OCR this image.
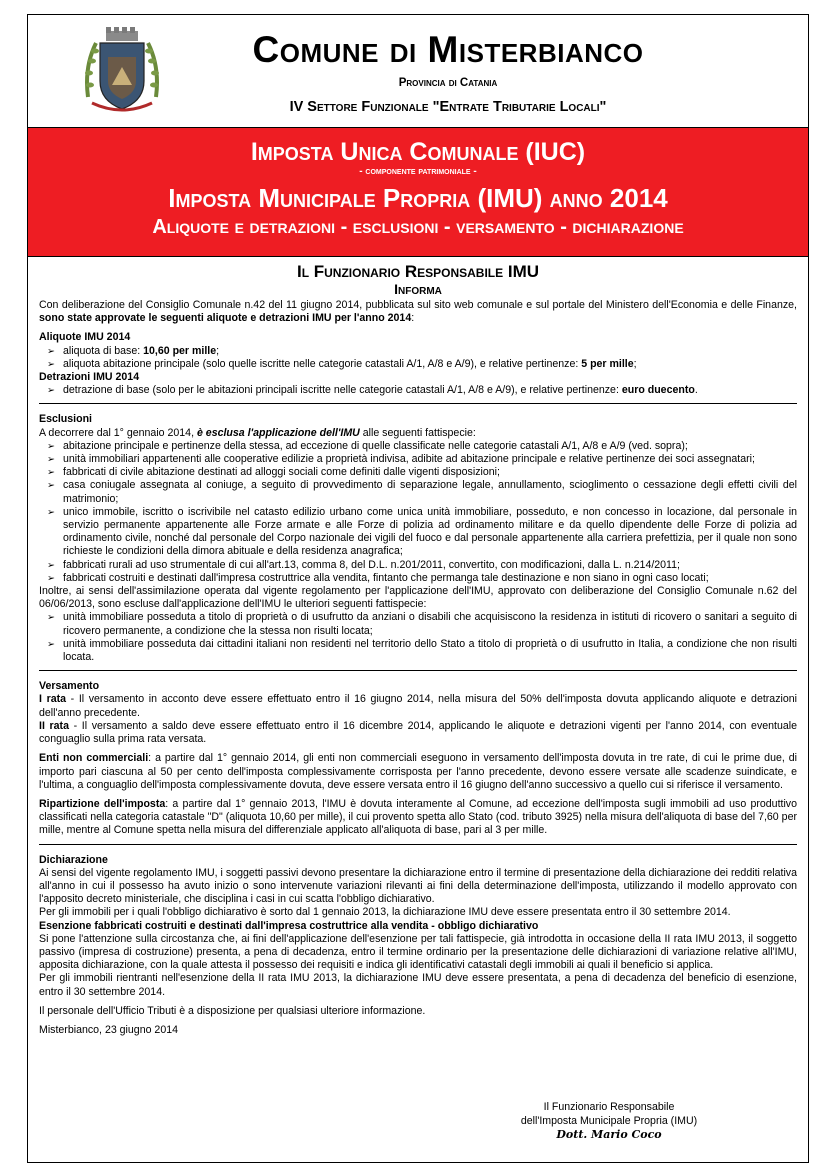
Comune di Misterbianco
Provincia di Catania
IV Settore Funzionale "Entrate Tributarie Locali"
Imposta Unica Comunale (IUC)
- componente patrimoniale -
Imposta Municipale Propria (IMU) anno 2014
Aliquote e detrazioni - esclusioni - versamento - dichiarazione
Il Funzionario Responsabile IMU
Informa

Con deliberazione del Consiglio Comunale n.42 del 11 giugno 2014, pubblicata sul sito web comunale e sul portale del Ministero dell'Economia e delle Finanze, sono state approvate le seguenti aliquote e detrazioni IMU per l'anno 2014:

Aliquote IMU 2014
➢ aliquota di base: 10,60 per mille;
➢ aliquota abitazione principale (solo quelle iscritte nelle categorie catastali A/1, A/8 e A/9), e relative pertinenze: 5 per mille;
Detrazioni IMU 2014
➢ detrazione di base (solo per le abitazioni principali iscritte nelle categorie catastali A/1, A/8 e A/9), e relative pertinenze: euro duecento.
Esclusioni

A decorrere dal 1° gennaio 2014, è esclusa l'applicazione dell'IMU alle seguenti fattispecie:

➢ abitazione principale e pertinenze della stessa, ad eccezione di quelle classificate nelle categorie catastali A/1, A/8 e A/9 (ved. sopra);
➢ unità immobiliari appartenenti alle cooperative edilizie a proprietà indivisa, adibite ad abitazione principale e relative pertinenze dei soci assegnatari;
➢ fabbricati di civile abitazione destinati ad alloggi sociali come definiti dalle vigenti disposizioni;
➢ casa coniugale assegnata al coniuge, a seguito di provvedimento di separazione legale, annullamento, scioglimento o cessazione degli effetti civili del matrimonio;
➢ unico immobile, iscritto o iscrivibile nel catasto edilizio urbano come unica unità immobiliare, posseduto, e non concesso in locazione, dal personale in servizio permanente appartenente alle Forze armate e alle Forze di polizia ad ordinamento militare e da quello dipendente delle Forze di polizia ad ordinamento civile, nonché dal personale del Corpo nazionale dei vigili del fuoco e dal personale appartenente alla carriera prefettizia, per il quale non sono richieste le condizioni della dimora abituale e della residenza anagrafica;
➢ fabbricati rurali ad uso strumentale di cui all'art.13, comma 8, del D.L. n.201/2011, convertito, con modificazioni, dalla L. n.214/2011;
➢ fabbricati costruiti e destinati dall'impresa costruttrice alla vendita, fintanto che permanga tale destinazione e non siano in ogni caso locati;

Inoltre, ai sensi dell'assimilazione operata dal vigente regolamento per l'applicazione dell'IMU, approvato con deliberazione del Consiglio Comunale n.62 del 06/06/2013, sono escluse dall'applicazione dell'IMU le ulteriori seguenti fattispecie:

➢ unità immobiliare posseduta a titolo di proprietà o di usufrutto da anziani o disabili che acquisiscono la residenza in istituti di ricovero o sanitari a seguito di ricovero permanente, a condizione che la stessa non risulti locata;
➢ unità immobiliare posseduta dai cittadini italiani non residenti nel territorio dello Stato a titolo di proprietà o di usufrutto in Italia, a condizione che non risulti locata.
Versamento

I rata - Il versamento in acconto deve essere effettuato entro il 16 giugno 2014, nella misura del 50% dell'imposta dovuta applicando aliquote e detrazioni dell'anno precedente.

II rata - Il versamento a saldo deve essere effettuato entro il 16 dicembre 2014, applicando le aliquote e detrazioni vigenti per l'anno 2014, con eventuale conguaglio sulla prima rata versata.

Enti non commerciali: a partire dal 1° gennaio 2014, gli enti non commerciali eseguono in versamento dell'imposta dovuta in tre rate, di cui le prime due, di importo pari ciascuna al 50 per cento dell'imposta complessivamente corrisposta per l'anno precedente, devono essere versate alle scadenze suindicate, e l'ultima, a conguaglio dell'imposta complessivamente dovuta, deve essere versata entro il 16 giugno dell'anno successivo a quello cui si riferisce il versamento.

Ripartizione dell'imposta: a partire dal 1° gennaio 2013, l'IMU è dovuta interamente al Comune, ad eccezione dell'imposta sugli immobili ad uso produttivo classificati nella categoria catastale "D" (aliquota 10,60 per mille), il cui provento spetta allo Stato (cod. tributo 3925) nella misura dell'aliquota di base del 7,60 per mille, mentre al Comune spetta nella misura del differenziale applicato all'aliquota di base, pari al 3 per mille.

Dichiarazione

Ai sensi del vigente regolamento IMU, i soggetti passivi devono presentare la dichiarazione entro il termine di presentazione della dichiarazione dei redditi relativa all'anno in cui il possesso ha avuto inizio o sono intervenute variazioni rilevanti ai fini della determinazione dell'imposta, utilizzando il modello approvato con l'apposito decreto ministeriale, che disciplina i casi in cui scatta l'obbligo dichiarativo.

Per gli immobili per i quali l'obbligo dichiarativo è sorto dal 1 gennaio 2013, la dichiarazione IMU deve essere presentata entro il 30 settembre 2014.

Esenzione fabbricati costruiti e destinati dall'impresa costruttrice alla vendita - obbligo dichiarativo

Si pone l'attenzione sulla circostanza che, ai fini dell'applicazione dell'esenzione per tali fattispecie, già introdotta in occasione della II rata IMU 2013, il soggetto passivo (impresa di costruzione) presenta, a pena di decadenza, entro il termine ordinario per la presentazione delle dichiarazioni di variazione relative all'IMU, apposita dichiarazione, con la quale attesta il possesso dei requisiti e indica gli identificativi catastali degli immobili ai quali il beneficio si applica.

Per gli immobili rientranti nell'esenzione della II rata IMU 2013, la dichiarazione IMU deve essere presentata, a pena di decadenza del beneficio di esenzione, entro il 30 settembre 2014.

Il personale dell'Ufficio Tributi è a disposizione per qualsiasi ulteriore informazione.

Misterbianco, 23 giugno 2014

Il Funzionario Responsabile
dell'Imposta Municipale Propria (IMU)
Dott. Mario Coco
